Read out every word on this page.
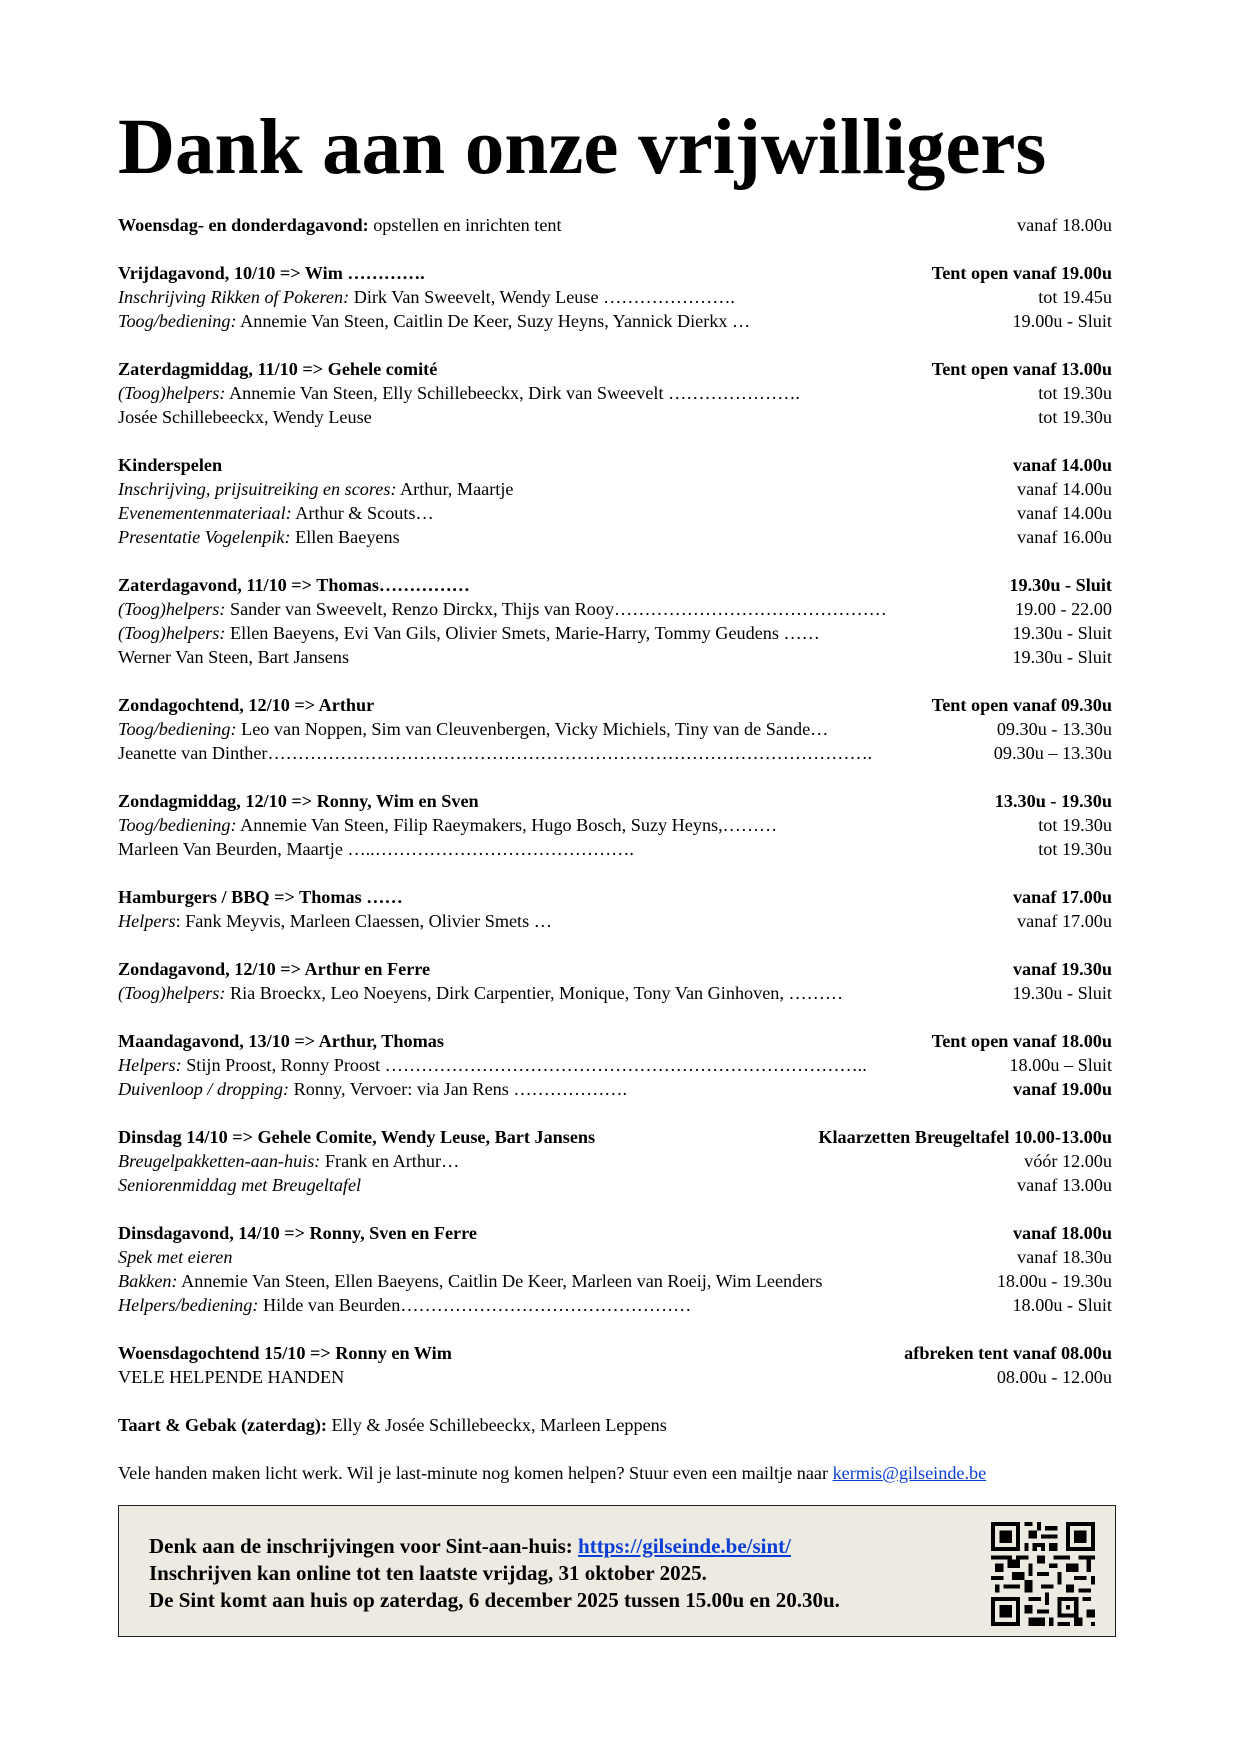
Dank aan onze vrijwilligers
Woensdag- en donderdagavond: opstellen en inrichten tent	vanaf 18.00u
Vrijdagavond, 10/10 => Wim ………….	Tent open vanaf 19.00u
Inschrijving Rikken of Pokeren: Dirk Van Sweevelt, Wendy Leuse ………………….	tot 19.45u
Toog/bediening: Annemie Van Steen, Caitlin De Keer, Suzy Heyns, Yannick Dierkx …	19.00u - Sluit
Zaterdagmiddag, 11/10 => Gehele comité	Tent open vanaf 13.00u
(Toog)helpers: Annemie Van Steen, Elly Schillebeeckx, Dirk van Sweevelt ………………….	tot 19.30u
Josée Schillebeeckx, Wendy Leuse	tot 19.30u
Kinderspelen	vanaf 14.00u
Inschrijving, prijsuitreiking en scores: Arthur, Maartje	vanaf 14.00u
Evenementenmateriaal: Arthur & Scouts…	vanaf 14.00u
Presentatie Vogelenpik: Ellen Baeyens	vanaf 16.00u
Zaterdagavond, 11/10 => Thomas……………	19.30u - Sluit
(Toog)helpers: Sander van Sweevelt, Renzo Dirckx, Thijs van Rooy………………………………………	19.00 - 22.00
(Toog)helpers: Ellen Baeyens, Evi Van Gils, Olivier Smets, Marie-Harry, Tommy Geudens ……	19.30u - Sluit
Werner Van Steen, Bart Jansens	19.30u - Sluit
Zondagochtend, 12/10 => Arthur	Tent open vanaf 09.30u
Toog/bediening: Leo van Noppen, Sim van Cleuvenbergen, Vicky Michiels, Tiny van de Sande…	09.30u - 13.30u
Jeanette van Dinther……………………………………………………………………………………….	09.30u – 13.30u
Zondagmiddag, 12/10 => Ronny, Wim en Sven	13.30u - 19.30u
Toog/bediening: Annemie Van Steen, Filip Raeymakers, Hugo Bosch, Suzy Heyns,………	tot 19.30u
Marleen Van Beurden, Maartje …..…………………………………….	tot 19.30u
Hamburgers / BBQ => Thomas ……	vanaf 17.00u
Helpers: Fank Meyvis, Marleen Claessen, Olivier Smets …	vanaf 17.00u
Zondagavond, 12/10 => Arthur en Ferre	vanaf 19.30u
(Toog)helpers: Ria Broeckx, Leo Noeyens, Dirk Carpentier, Monique, Tony Van Ginhoven, ………	19.30u - Sluit
Maandagavond, 13/10 => Arthur, Thomas	Tent open vanaf 18.00u
Helpers: Stijn Proost, Ronny Proost ……………………………………………………………………..	18.00u – Sluit
Duivenloop / dropping: Ronny, Vervoer: via Jan Rens ……………….	vanaf 19.00u
Dinsdag 14/10 => Gehele Comite, Wendy Leuse, Bart Jansens	Klaarzetten Breugeltafel 10.00-13.00u
Breugelpakketten-aan-huis: Frank en Arthur…	vóór 12.00u
Seniorenmiddag met Breugeltafel	vanaf 13.00u
Dinsdagavond, 14/10 => Ronny, Sven en Ferre	vanaf 18.00u
Spek met eieren	vanaf 18.30u
Bakken: Annemie Van Steen, Ellen Baeyens, Caitlin De Keer, Marleen van Roeij, Wim Leenders	18.00u - 19.30u
Helpers/bediening: Hilde van Beurden…………………………………………	18.00u - Sluit
Woensdagochtend 15/10 => Ronny en Wim	afbreken tent vanaf 08.00u
VELE HELPENDE HANDEN	08.00u - 12.00u
Taart & Gebak (zaterdag): Elly & Josée Schillebeeckx, Marleen Leppens
Vele handen maken licht werk. Wil je last-minute nog komen helpen? Stuur even een mailtje naar kermis@gilseinde.be
Denk aan de inschrijvingen voor Sint-aan-huis: https://gilseinde.be/sint/
Inschrijven kan online tot ten laatste vrijdag, 31 oktober 2025.
De Sint komt aan huis op zaterdag, 6 december 2025 tussen 15.00u en 20.30u.
